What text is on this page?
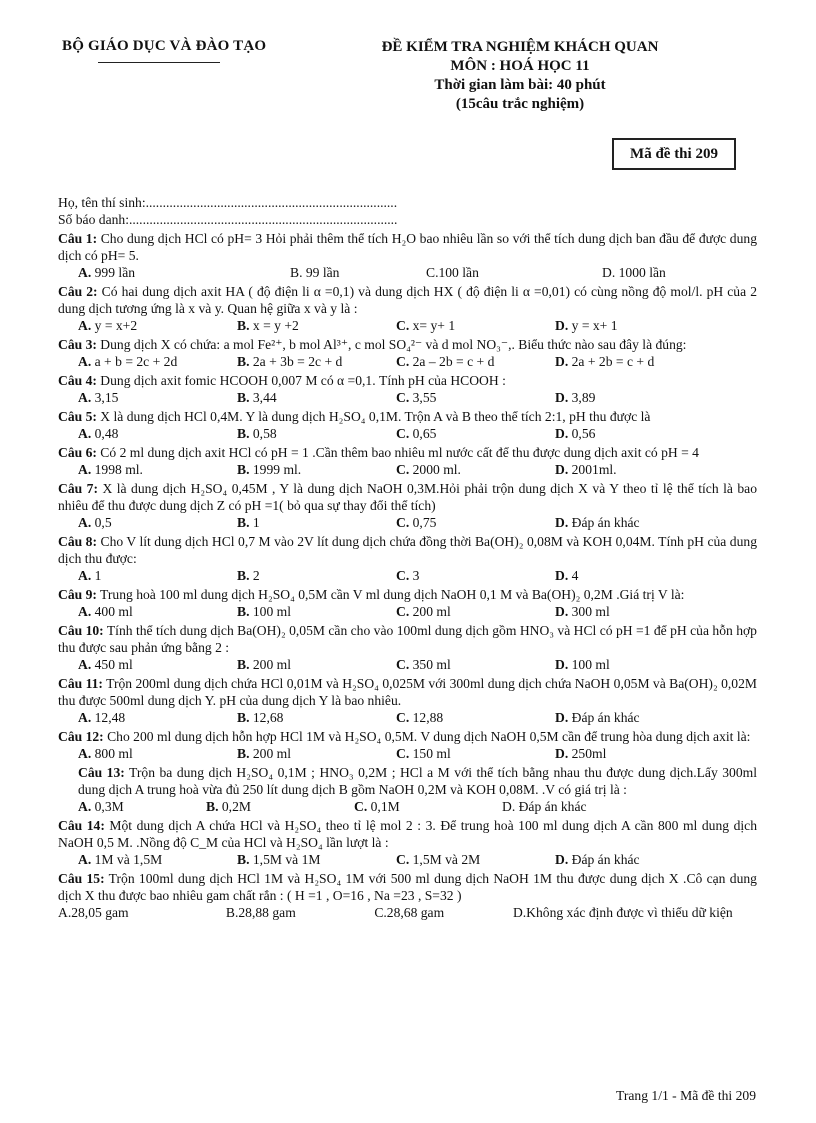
BỘ GIÁO DỤC VÀ ĐÀO TẠO	ĐỀ KIỂM TRA NGHIỆM KHÁCH QUAN
MÔN : HOÁ HỌC 11
Thời gian làm bài: 40 phút
(15câu trắc nghiệm)
Mã đề thi 209
Họ, tên thí sinh:..........................................................................
Số báo danh:...............................................................................
Câu 1: Cho dung dịch HCl có pH= 3 Hỏi phải thêm thể tích H₂O bao nhiêu lần so với thể tích dung dịch ban đầu để được dung dịch có pH= 5.
A. 999 lần	B. 99 lần	C.100 lần	D. 1000 lần
Câu 2: Có hai dung dịch axit HA ( độ điện li α =0,1) và dung dịch HX ( độ điện li α =0,01) có cùng nồng độ mol/l. pH của 2 dung dịch tương ứng là x và y. Quan hệ giữa x và y là :
A. y = x+2	B. x = y +2	C. x= y+ 1	D. y = x+ 1
Câu 3: Dung dịch X có chứa: a mol Fe²⁺, b mol Al³⁺, c mol SO₄²⁻ và d mol NO₃⁻,. Biểu thức nào sau đây là đúng:
A. a + b = 2c + 2d	B. 2a + 3b = 2c + d	C. 2a – 2b = c + d	D. 2a + 2b = c + d
Câu 4: Dung dịch axit fomic HCOOH 0,007 M có α =0,1. Tính pH của HCOOH :
A. 3,15	B. 3,44	C. 3,55	D. 3,89
Câu 5: X là dung dịch HCl 0,4M. Y là dung dịch H₂SO₄ 0,1M. Trộn A và B theo thể tích 2:1, pH thu được là
A. 0,48	B. 0,58	C. 0,65	D. 0,56
Câu 6: Có 2 ml dung dịch axit HCl có pH = 1 .Cần thêm bao nhiêu ml nước cất để thu được dung dịch axit có pH = 4
A. 1998 ml.	B. 1999 ml.	C. 2000 ml.	D. 2001ml.
Câu 7: X là dung dịch H₂SO₄ 0,45M , Y là dung dịch NaOH 0,3M.Hỏi phải trộn dung dịch X và Y theo tỉ lệ thể tích là bao nhiêu để thu được dung dịch Z có pH =1( bỏ qua sự thay đổi thể tích)
A. 0,5	B. 1	C. 0,75	D. Đáp án khác
Câu 8: Cho V lít dung dịch HCl 0,7 M vào 2V lít dung dịch chứa đồng thời Ba(OH)₂ 0,08M và KOH 0,04M. Tính pH của dung dịch thu được:
A. 1	B. 2	C. 3	D. 4
Câu 9: Trung hoà 100 ml dung dịch H₂SO₄ 0,5M cần V ml dung dịch NaOH 0,1 M và Ba(OH)₂ 0,2M .Giá trị V là:
A. 400 ml	B. 100 ml	C. 200 ml	D. 300 ml
Câu 10: Tính thể tích dung dịch Ba(OH)₂ 0,05M cần cho vào 100ml dung dịch gồm HNO₃ và HCl có pH =1 để pH của hỗn hợp thu được sau phản ứng bằng 2 :
A. 450 ml	B. 200 ml	C. 350 ml	D. 100 ml
Câu 11: Trộn 200ml dung dịch chứa HCl 0,01M và H₂SO₄ 0,025M với 300ml dung dịch chứa NaOH 0,05M và Ba(OH)₂ 0,02M thu được 500ml dung dịch Y. pH của dung dịch Y là bao nhiêu.
A. 12,48	B. 12,68	C. 12,88	D. Đáp án khác
Câu 12: Cho 200 ml dung dịch hỗn hợp HCl 1M và H₂SO₄ 0,5M. V dung dịch NaOH 0,5M cần để trung hòa dung dịch axit là:
A. 800 ml	B. 200 ml	C. 150 ml	D. 250ml
Câu 13: Trộn ba dung dịch H₂SO₄ 0,1M ; HNO₃ 0,2M ; HCl a M với thể tích bằng nhau thu được dung dịch.Lấy 300ml dung dịch A trung hoà vừa đủ 250 lít dung dịch B gồm NaOH 0,2M và KOH 0,08M. .V có giá trị là :
A. 0,3M	B. 0,2M	C. 0,1M	D. Đáp án khác
Câu 14: Một dung dịch A chứa HCl và H₂SO₄ theo tỉ lệ mol 2 : 3. Để trung hoà 100 ml dung dịch A cần 800 ml dung dịch NaOH 0,5 M. .Nồng độ C_M của HCl và H₂SO₄ lần lượt là :
A. 1M và 1,5M	B. 1,5M và 1M	C. 1,5M và 2M	D. Đáp án khác
Câu 15: Trộn 100ml dung dịch HCl 1M và H₂SO₄ 1M với 500 ml dung dịch NaOH 1M thu được dung dịch X .Cô cạn dung dịch X thu được bao nhiêu gam chất rắn : ( H =1 , O=16 , Na =23 , S=32 )
A.28,05 gam	B.28,88 gam	C.28,68 gam	D.Không xác định được vì thiếu dữ kiện
Trang 1/1 - Mã đề thi 209
